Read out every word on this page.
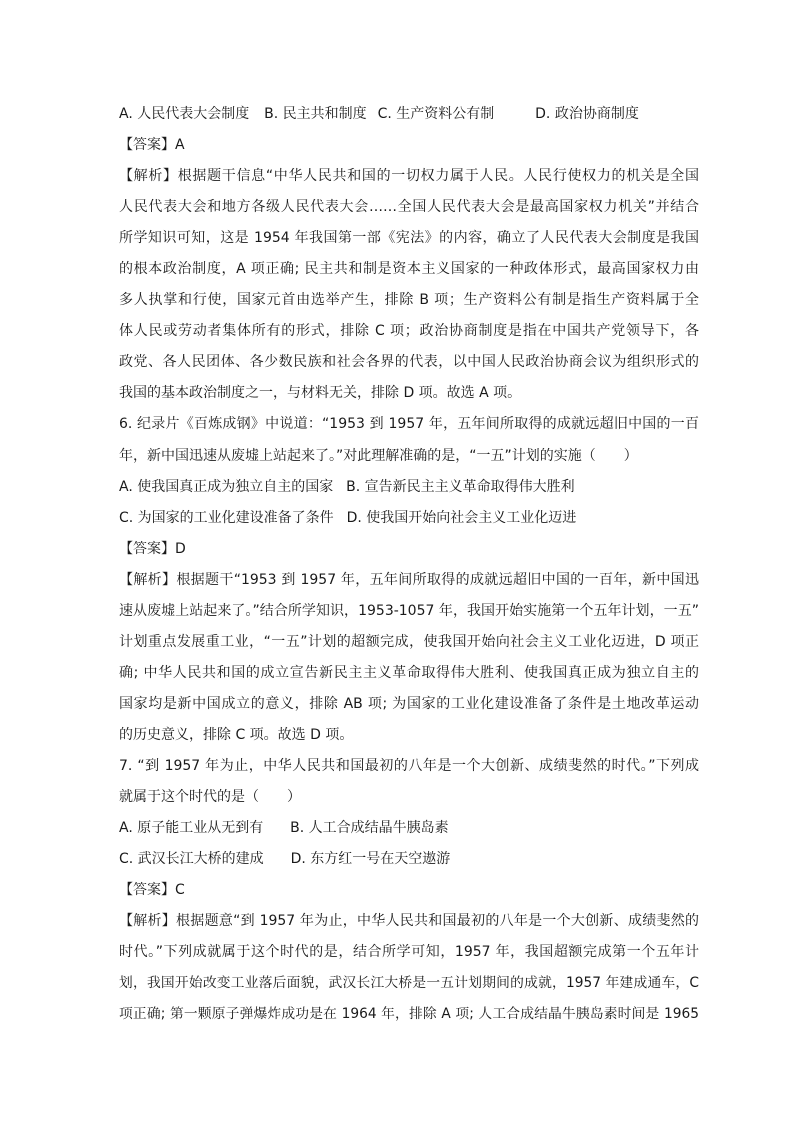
A. 人民代表大会制度 B. 民主共和制度 C. 生产资料公有制	D. 政治协商制度
【答案】A
【解析】根据题干信息“中华人民共和国的一切权力属于人民。人民行使权力的机关是全国
人民代表大会和地方各级人民代表大会……全国人民代表大会是最高国家权力机关”并结合
所学知识可知，这是 1954 年我国第一部《宪法》的内容，确立了人民代表大会制度是我国
的根本政治制度，A 项正确; 民主共和制是资本主义国家的一种政体形式，最高国家权力由
多人执掌和行使，国家元首由选举产生，排除 B 项；生产资料公有制是指生产资料属于全
体人民或劳动者集体所有的形式，排除 C 项；政治协商制度是指在中国共产党领导下，各
政党、各人民团体、各少数民族和社会各界的代表，以中国人民政治协商会议为组织形式的
我国的基本政治制度之一，与材料无关，排除 D 项。故选 A 项。
6. 纪录片《百炼成钢》中说道：“1953 到 1957 年，五年间所取得的成就远超旧中国的一百
年，新中国迅速从废墟上站起来了。”对此理解准确的是，“一五”计划的实施（　　）
A. 使我国真正成为独立自主的国家 B. 宣告新民主主义革命取得伟大胜利
C. 为国家的工业化建设准备了条件 D. 使我国开始向社会主义工业化迈进
【答案】D
【解析】根据题干“1953 到 1957 年，五年间所取得的成就远超旧中国的一百年，新中国迅
速从废墟上站起来了。”结合所学知识，1953-1057 年，我国开始实施第一个五年计划，一五”
计划重点发展重工业，“一五”计划的超额完成，使我国开始向社会主义工业化迈进，D 项正
确; 中华人民共和国的成立宣告新民主主义革命取得伟大胜利、使我国真正成为独立自主的
国家均是新中国成立的意义，排除 AB 项; 为国家的工业化建设准备了条件是土地改革运动
的历史意义，排除 C 项。故选 D 项。
7. “到 1957 年为止，中华人民共和国最初的八年是一个大创新、成绩斐然的时代。”下列成
就属于这个时代的是（　　）
A. 原子能工业从无到有 B. 人工合成结晶牛胰岛素
C. 武汉长江大桥的建成 D. 东方红一号在天空遨游
【答案】C
【解析】根据题意“到 1957 年为止，中华人民共和国最初的八年是一个大创新、成绩斐然的
时代。”下列成就属于这个时代的是，结合所学可知，1957 年，我国超额完成第一个五年计
划，我国开始改变工业落后面貌，武汉长江大桥是一五计划期间的成就，1957 年建成通车，C
项正确; 第一颗原子弹爆炸成功是在 1964 年，排除 A 项; 人工合成结晶牛胰岛素时间是 1965
